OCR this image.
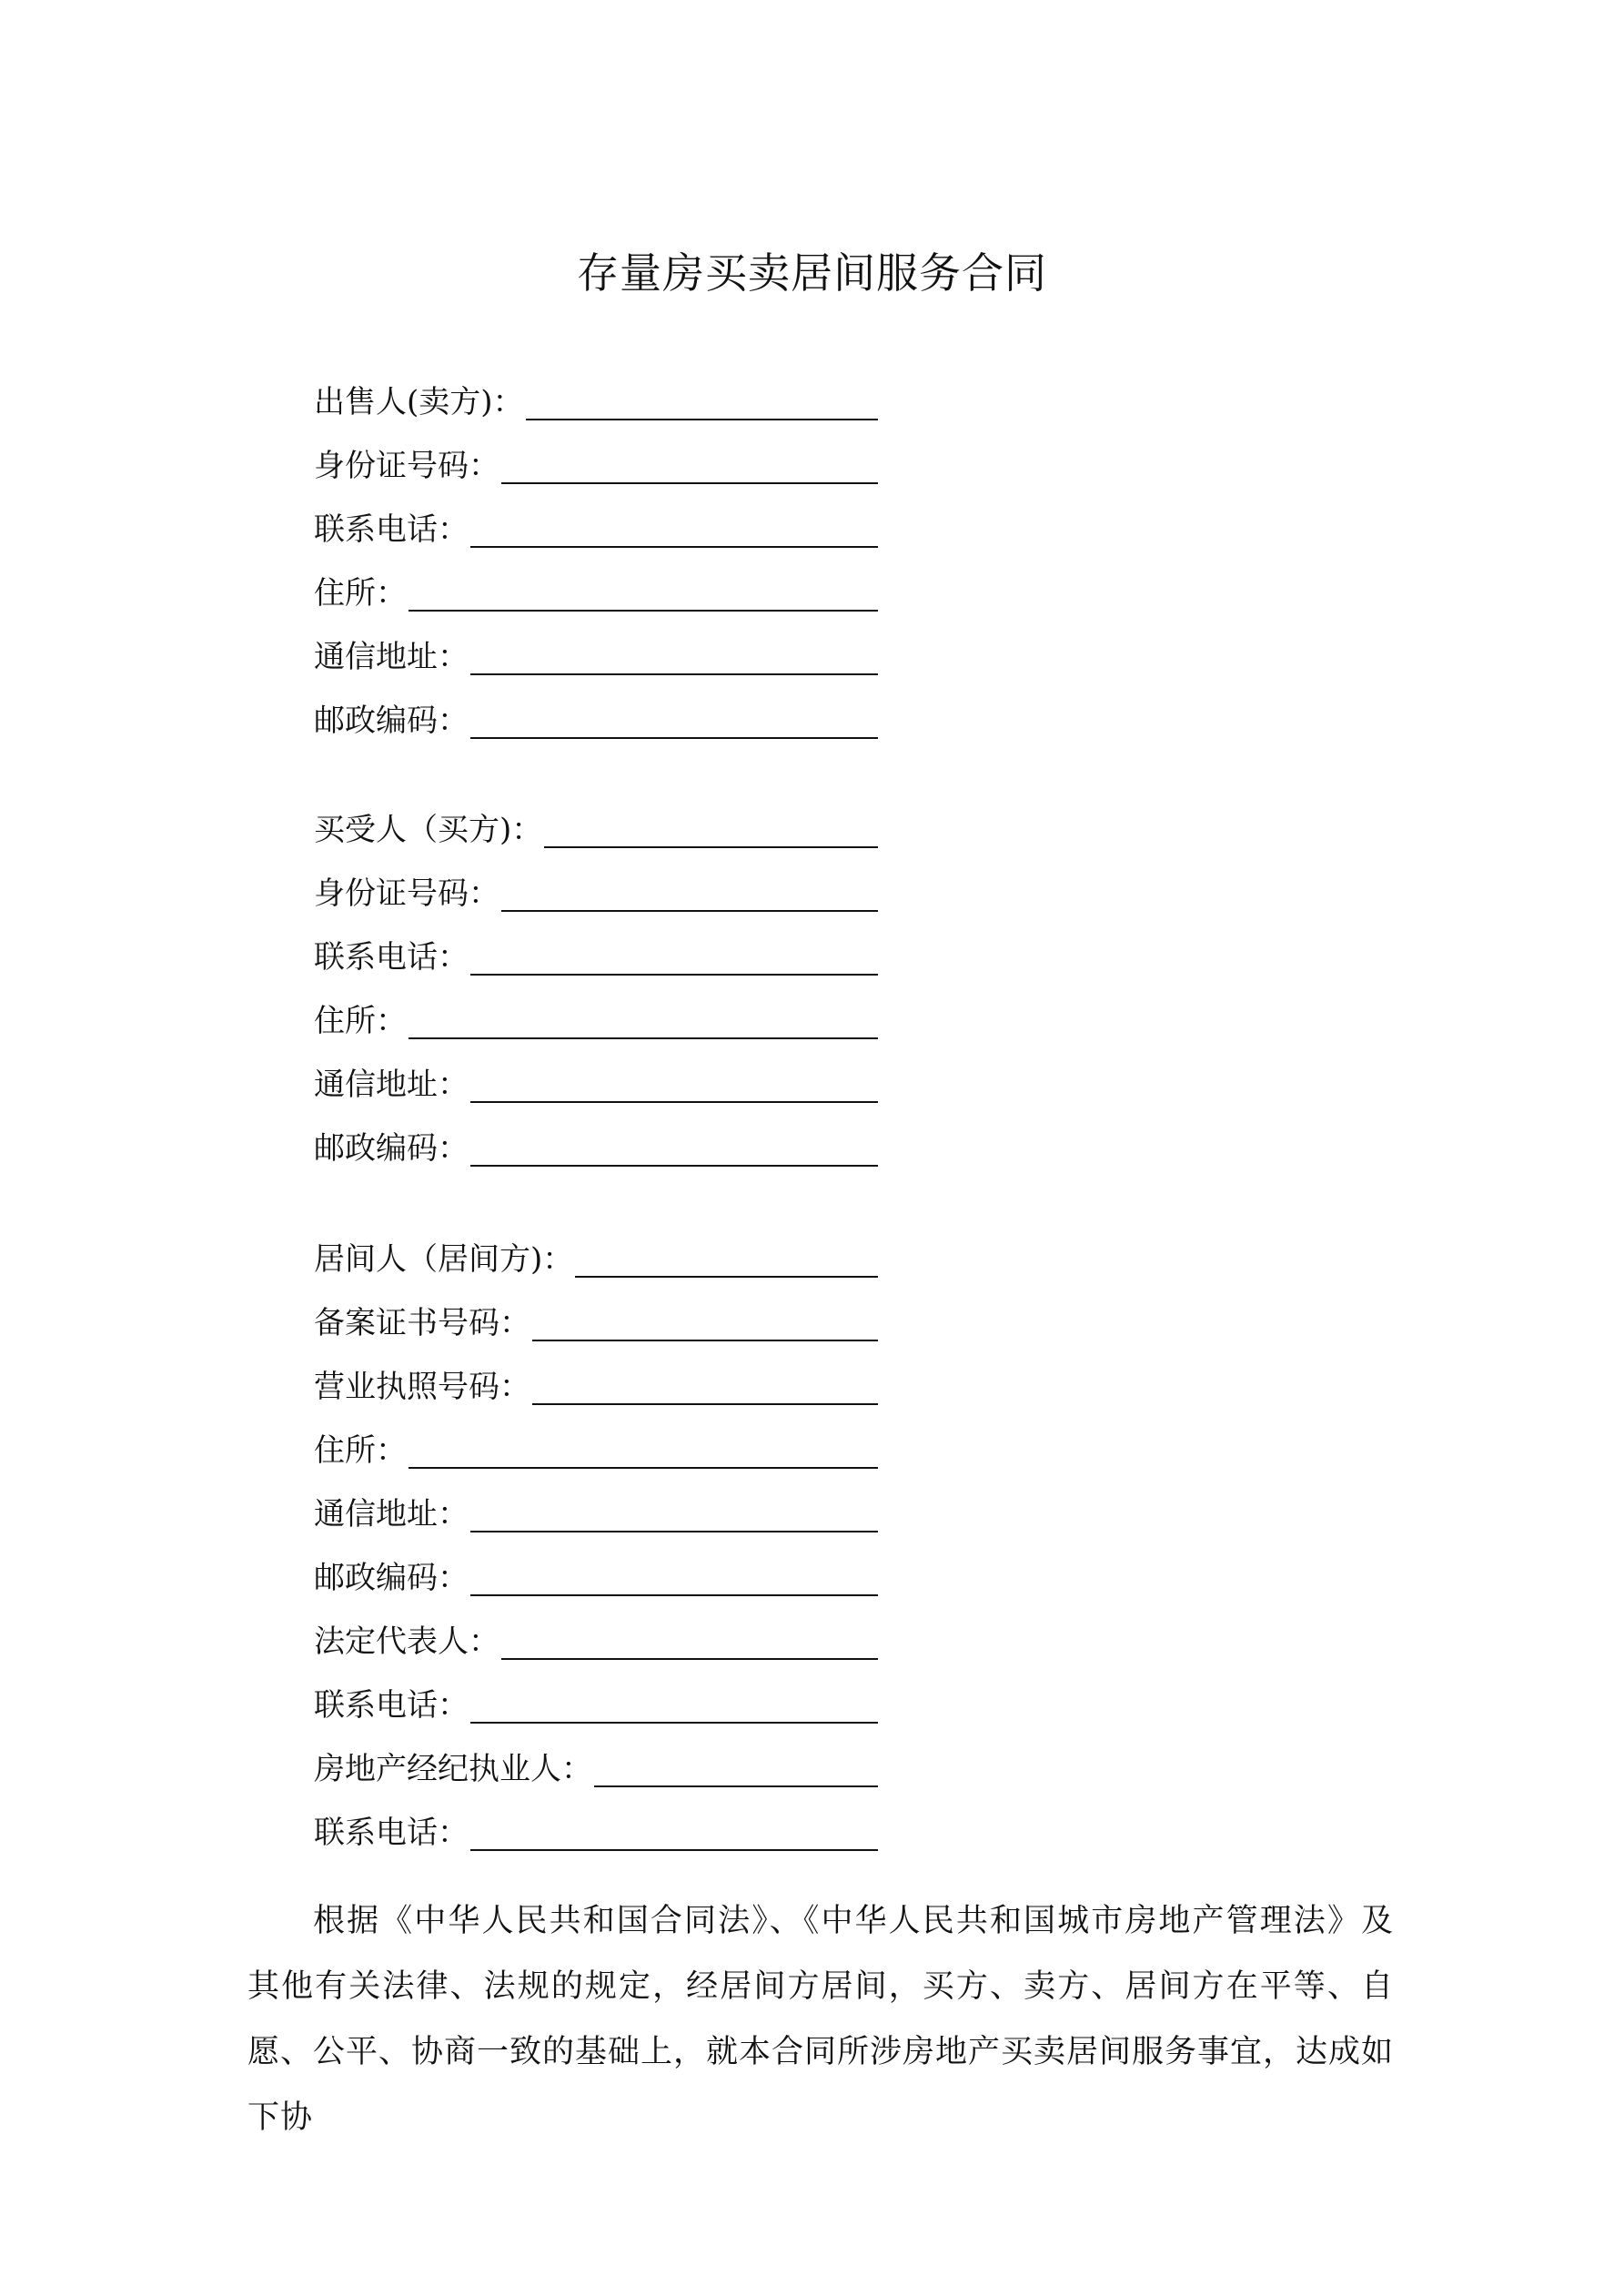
存量房买卖居间服务合同
出售人(卖方)：
身份证号码：
联系电话：
住所：
通信地址：
邮政编码：
买受人（买方)：
身份证号码：
联系电话：
住所：
通信地址：
邮政编码：
居间人（居间方)：
备案证书号码：
营业执照号码：
住所：
通信地址：
邮政编码：
法定代表人：
联系电话：
房地产经纪执业人：
联系电话：

根据《中华人民共和国合同法》、《中华人民共和国城市房地产管理法》及其他有关法律、法规的规定，经居间方居间，买方、卖方、居间方在平等、自愿、公平、协商一致的基础上，就本合同所涉房地产买卖居间服务事宜，达成如下协
